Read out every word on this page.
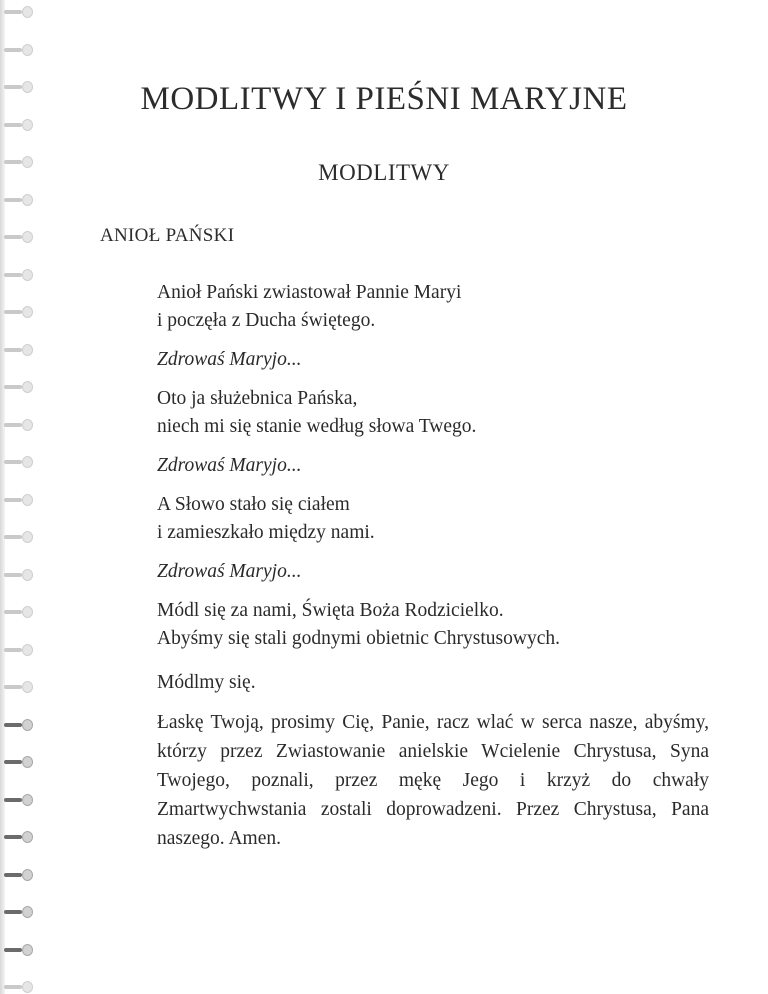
MODLITWY I PIEŚNI MARYJNE
MODLITWY
ANIOŁ PAŃSKI

Anioł Pański zwiastował Pannie Maryi
i poczęła z Ducha świętego.

Zdrowaś Maryjo...

Oto ja służebnica Pańska,
niech mi się stanie według słowa Twego.

Zdrowaś Maryjo...

A Słowo stało się ciałem
i zamieszkało między nami.

Zdrowaś Maryjo...

Módl się za nami, Święta Boża Rodzicielko.
Abyśmy się stali godnymi obietnic Chrystusowych.

Módlmy się.

Łaskę Twoją, prosimy Cię, Panie, racz wlać w serca nasze, abyśmy, którzy przez Zwiastowanie anielskie Wcielenie Chrystusa, Syna Twojego, poznali, przez mękę Jego i krzyż do chwały Zmartwychwstania zostali doprowadzeni. Przez Chrystusa, Pana naszego. Amen.
